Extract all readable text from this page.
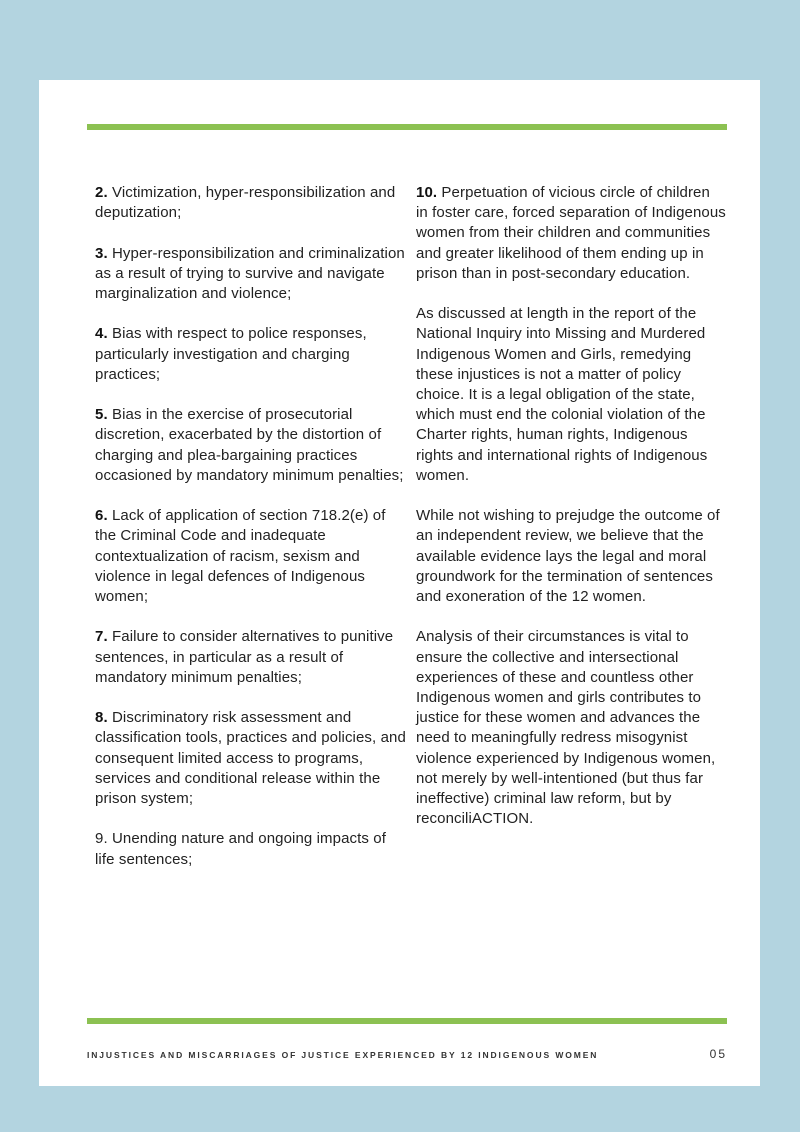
2. Victimization, hyper-responsibilization and deputization;

3. Hyper-responsibilization and criminalization as a result of trying to survive and navigate marginalization and violence;

4. Bias with respect to police responses, particularly investigation and charging practices;

5. Bias in the exercise of prosecutorial discretion, exacerbated by the distortion of charging and plea-bargaining practices occasioned by mandatory minimum penalties;

6. Lack of application of section 718.2(e) of the Criminal Code and inadequate contextualization of racism, sexism and violence in legal defences of Indigenous women;

7. Failure to consider alternatives to punitive sentences, in particular as a result of mandatory minimum penalties;

8. Discriminatory risk assessment and classification tools, practices and policies, and consequent limited access to programs, services and conditional release within the prison system;

9. Unending nature and ongoing impacts of life sentences;

10. Perpetuation of vicious circle of children in foster care, forced separation of Indigenous women from their children and communities and greater likelihood of them ending up in prison than in post-secondary education.

As discussed at length in the report of the National Inquiry into Missing and Murdered Indigenous Women and Girls, remedying these injustices is not a matter of policy choice. It is a legal obligation of the state, which must end the colonial violation of the Charter rights, human rights, Indigenous rights and international rights of Indigenous women.

While not wishing to prejudge the outcome of an independent review, we believe that the available evidence lays the legal and moral groundwork for the termination of sentences and exoneration of the 12 women.

Analysis of their circumstances is vital to ensure the collective and intersectional experiences of these and countless other Indigenous women and girls contributes to justice for these women and advances the need to meaningfully redress misogynist violence experienced by Indigenous women, not merely by well-intentioned (but thus far ineffective) criminal law reform, but by reconciliACTION.

INJUSTICES AND MISCARRIAGES OF JUSTICE EXPERIENCED BY 12 INDIGENOUS WOMEN	05
